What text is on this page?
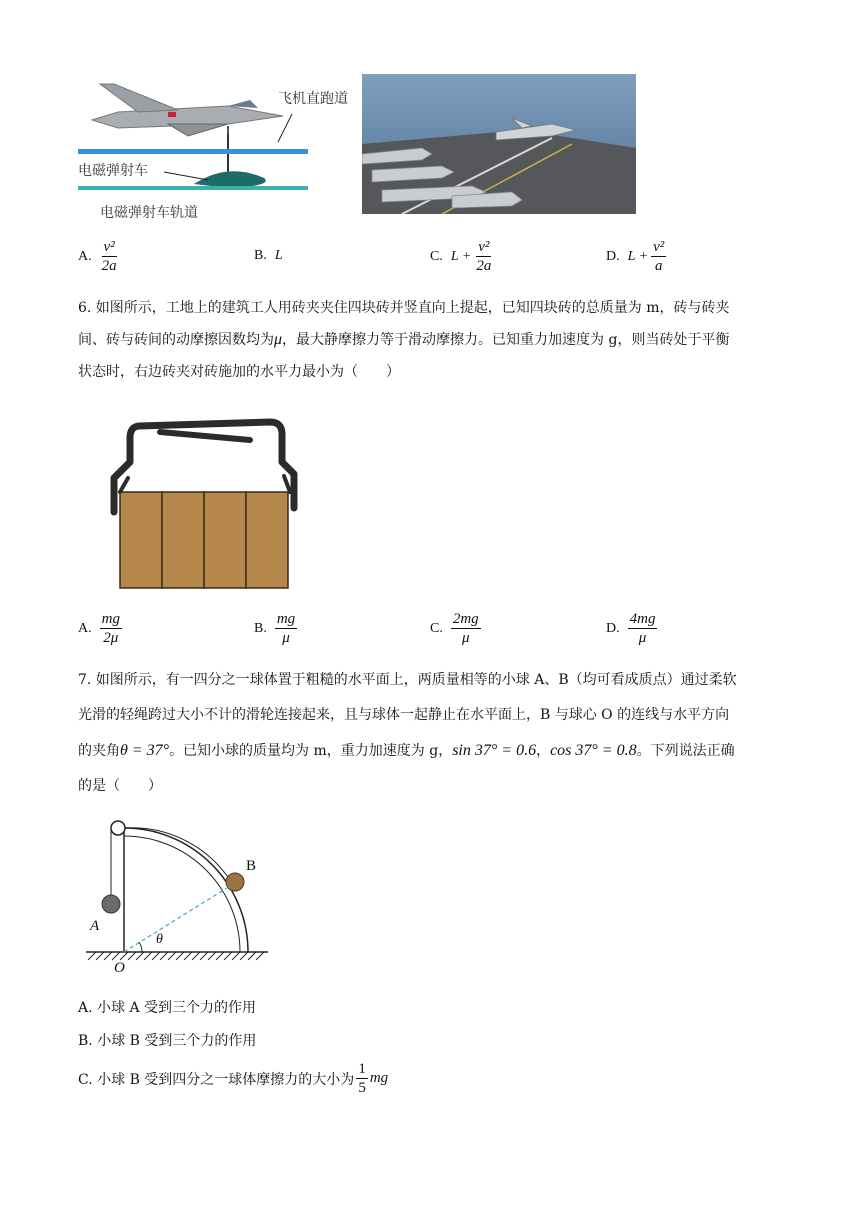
飞机直跑道
电磁弹射车
电磁弹射车轨道
A. $\frac{\text{v²}}{2a}$	B. L	C. $L + \frac{\text{v²}}{2a}$	D. $L + \frac{\text{v²}}{a}$
6. 如图所示，工地上的建筑工人用砖夹夹住四块砖并竖直向上提起，已知四块砖的总质量为 m，砖与砖夹
间、砖与砖间的动摩擦因数均为μ，最大静摩擦力等于滑动摩擦力。已知重力加速度为 g，则当砖处于平衡
状态时，右边砖夹对砖施加的水平力最小为（　　）
A. $\frac{mg}{2\mu}$	B. $\frac{mg}{\mu}$	C. $\frac{2mg}{\mu}$	D. $\frac{4mg}{\mu}$
7. 如图所示，有一四分之一球体置于粗糙的水平面上，两质量相等的小球 A、B（均可看成质点）通过柔软
光滑的轻绳跨过大小不计的滑轮连接起来，且与球体一起静止在水平面上，B 与球心 O 的连线与水平方向
的夹角θ = 37°。已知小球的质量均为 m，重力加速度为 g，sin 37° = 0.6，cos 37° = 0.8。下列说法正确
的是（　　）
A
B
O
θ
A. 小球 A 受到三个力的作用
B. 小球 B 受到三个力的作用
C. 小球 B 受到四分之一球体摩擦力的大小为 $\frac{1}{5}$ mg
